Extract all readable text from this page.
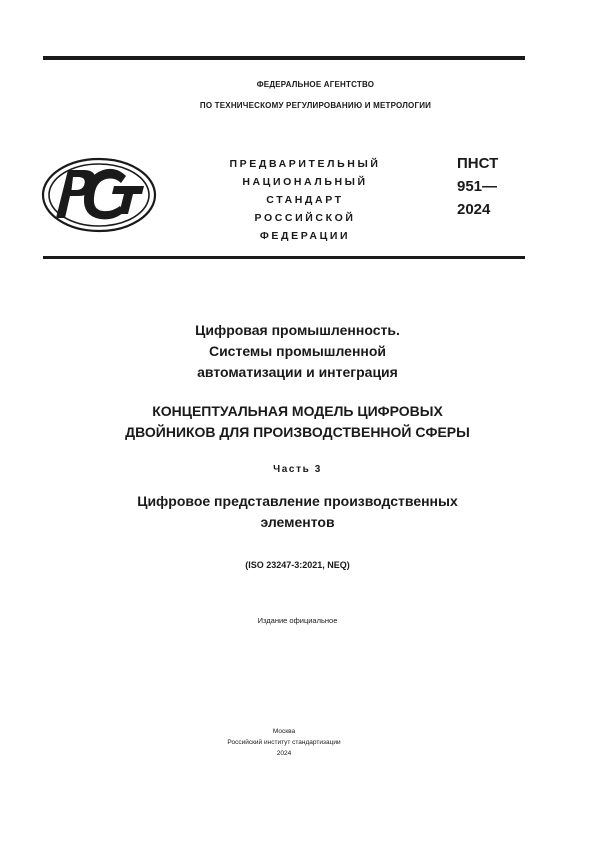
ФЕДЕРАЛЬНОЕ АГЕНТСТВО
ПО ТЕХНИЧЕСКОМУ РЕГУЛИРОВАНИЮ И МЕТРОЛОГИИ
РСТ
ПРЕДВАРИТЕЛЬНЫЙ
НАЦИОНАЛЬНЫЙ
СТАНДАРТ
РОССИЙСКОЙ
ФЕДЕРАЦИИ
ПНСТ
951—
2024
Цифровая промышленность.
Системы промышленной
автоматизации и интеграция
КОНЦЕПТУАЛЬНАЯ МОДЕЛЬ ЦИФРОВЫХ
ДВОЙНИКОВ ДЛЯ ПРОИЗВОДСТВЕННОЙ СФЕРЫ
Часть 3
Цифровое представление производственных
элементов
(ISO 23247-3:2021, NEQ)
Издание официальное
Москва
Российский институт стандартизации
2024
